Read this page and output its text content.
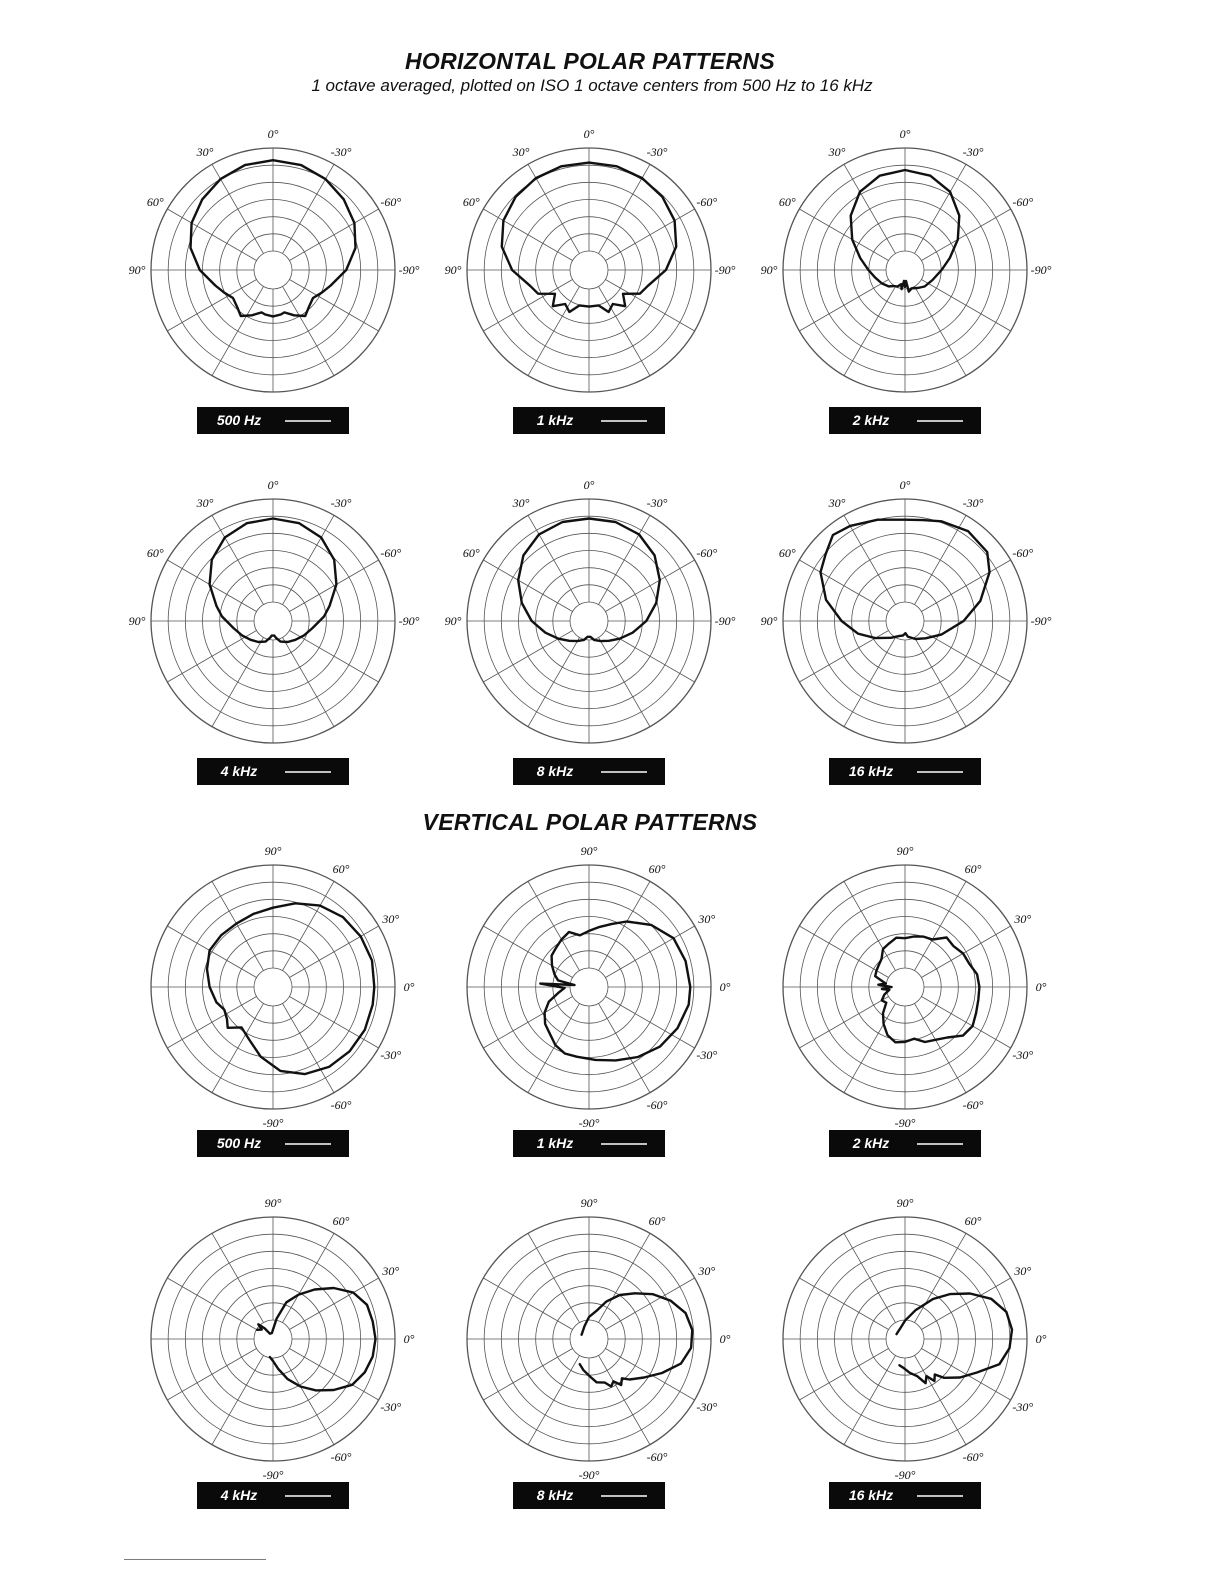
HORIZONTAL POLAR PATTERNS
1 octave averaged, plotted on ISO 1 octave centers from 500 Hz to 16 kHz
VERTICAL POLAR PATTERNS
0°
30°
60°
90°
-30°
-60°
-90°
500 Hz
0°
30°
60°
90°
-30°
-60°
-90°
1 kHz
0°
30°
60°
90°
-30°
-60°
-90°
2 kHz
0°
30°
60°
90°
-30°
-60°
-90°
4 kHz
0°
30°
60°
90°
-30°
-60°
-90°
8 kHz
0°
30°
60°
90°
-30°
-60°
-90°
16 kHz
90°
60°
30°
0°
-30°
-60°
-90°
500 Hz
90°
60°
30°
0°
-30°
-60°
-90°
1 kHz
90°
60°
30°
0°
-30°
-60°
-90°
2 kHz
90°
60°
30°
0°
-30°
-60°
-90°
4 kHz
90°
60°
30°
0°
-30°
-60°
-90°
8 kHz
90°
60°
30°
0°
-30°
-60°
-90°
16 kHz
